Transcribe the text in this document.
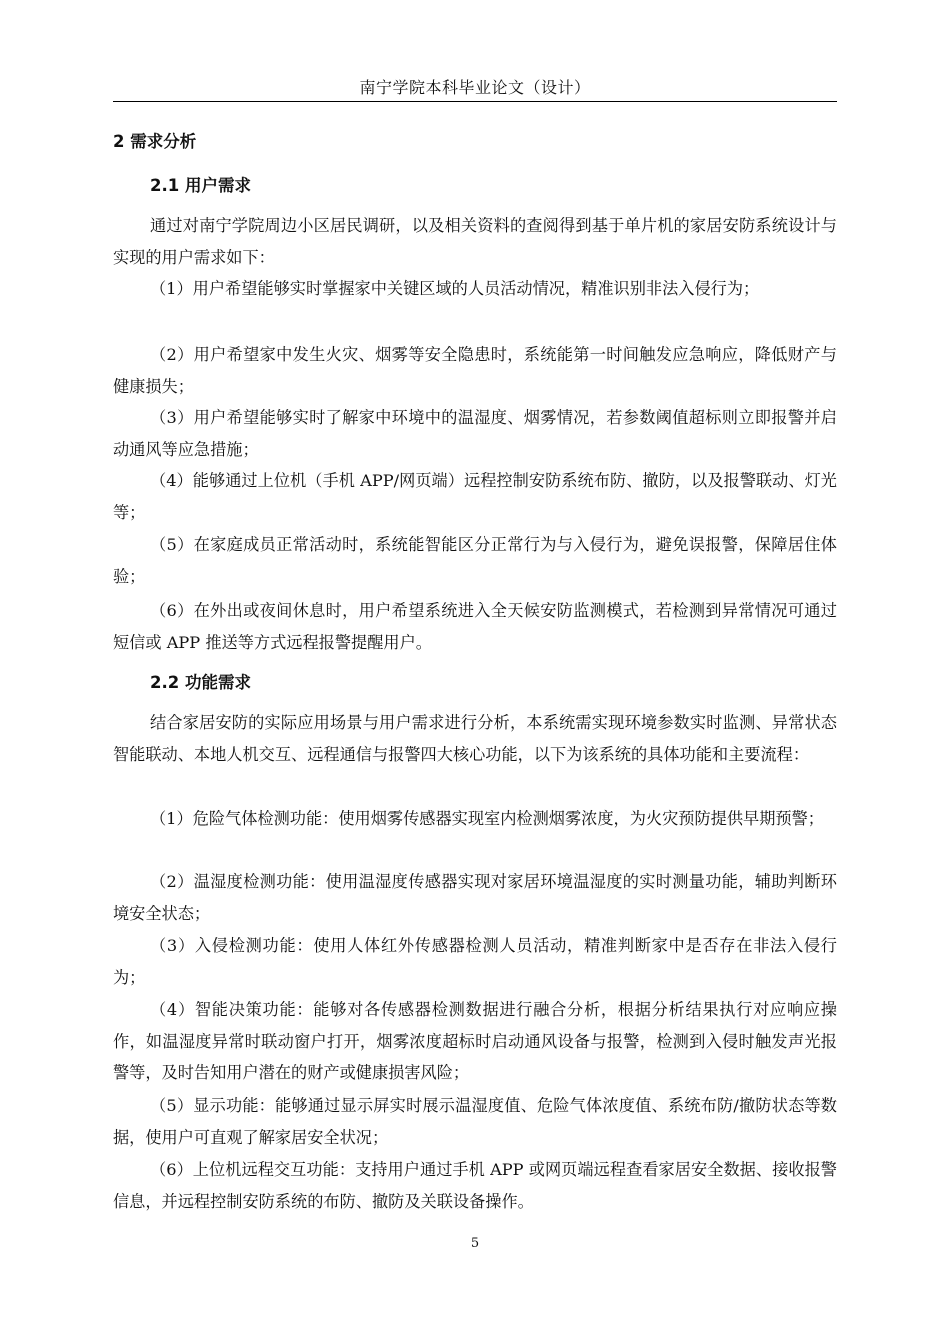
南宁学院本科毕业论文（设计）
2 需求分析
2.1 用户需求

通过对南宁学院周边小区居民调研，以及相关资料的查阅得到基于单片机的家居安防系统设计与实现的用户需求如下：

（1）用户希望能够实时掌握家中关键区域的人员活动情况，精准识别非法入侵行为；

（2）用户希望家中发生火灾、烟雾等安全隐患时，系统能第一时间触发应急响应，降低财产与健康损失；

（3）用户希望能够实时了解家中环境中的温湿度、烟雾情况，若参数阈值超标则立即报警并启动通风等应急措施；

（4）能够通过上位机（手机 APP/网页端）远程控制安防系统布防、撤防，以及报警联动、灯光等；

（5）在家庭成员正常活动时，系统能智能区分正常行为与入侵行为，避免误报警，保障居住体验；

（6）在外出或夜间休息时，用户希望系统进入全天候安防监测模式，若检测到异常情况可通过短信或 APP 推送等方式远程报警提醒用户。

2.2 功能需求

结合家居安防的实际应用场景与用户需求进行分析，本系统需实现环境参数实时监测、异常状态智能联动、本地人机交互、远程通信与报警四大核心功能，以下为该系统的具体功能和主要流程：

（1）危险气体检测功能：使用烟雾传感器实现室内检测烟雾浓度，为火灾预防提供早期预警；

（2）温湿度检测功能：使用温湿度传感器实现对家居环境温湿度的实时测量功能，辅助判断环境安全状态；

（3）入侵检测功能：使用人体红外传感器检测人员活动，精准判断家中是否存在非法入侵行为；

（4）智能决策功能：能够对各传感器检测数据进行融合分析，根据分析结果执行对应响应操作，如温湿度异常时联动窗户打开，烟雾浓度超标时启动通风设备与报警，检测到入侵时触发声光报警等，及时告知用户潜在的财产或健康损害风险；

（5）显示功能：能够通过显示屏实时展示温湿度值、危险气体浓度值、系统布防/撤防状态等数据，使用户可直观了解家居安全状况；

（6）上位机远程交互功能：支持用户通过手机 APP 或网页端远程查看家居安全数据、接收报警信息，并远程控制安防系统的布防、撤防及关联设备操作。

5
